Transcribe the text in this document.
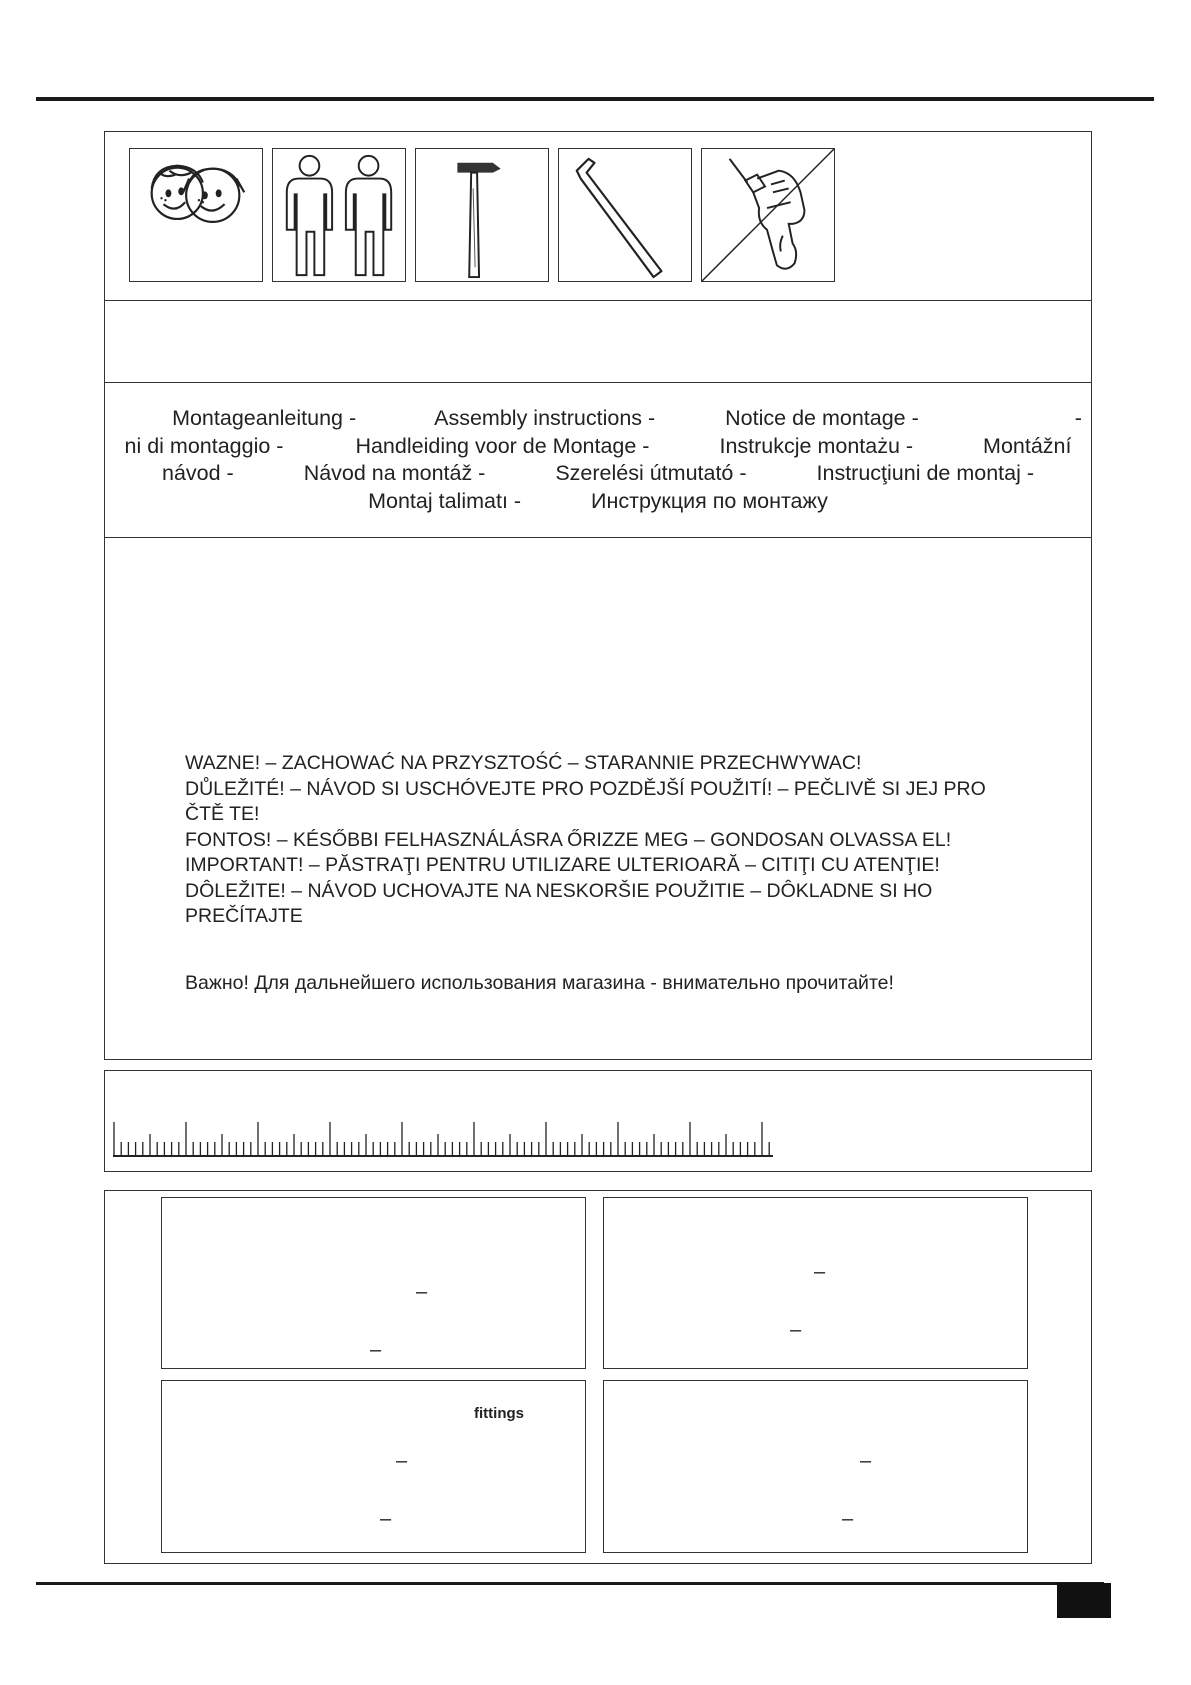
Montageanleitung -	Assembly instructions -	Notice de montage -	-
ni di montaggio -	Handleiding voor de Montage -	Instrukcje montażu -	Montážní
návod -	Návod na montáž -	Szerelési útmutató -	Instrucţiuni de montaj -
Montaj talimatı -	Инструкция по монтажу
WAZNE! – ZACHOWAĆ NA PRZYSZTOŚĆ – STARANNIE PRZECHWYWAC!
DŮLEŽITÉ! – NÁVOD SI USCHÓVEJTE PRO POZDĚJŠÍ POUŽITÍ! – PEČLIVĚ SI JEJ PRO
ČTĚ TE!
FONTOS! – KÉSŐBBI FELHASZNÁLÁSRA ŐRIZZE MEG – GONDOSAN OLVASSA EL!
IMPORTANT! – PĂSTRAŢI PENTRU UTILIZARE ULTERIOARĂ – CITIŢI CU ATENŢIE!
DÔLEŽITE! – NÁVOD UCHOVAJTE NA NESKORŠIE POUŽITIE – DÔKLADNE SI HO
PREČÍTAJTE
Важно! Для дальнейшего использования магазина - внимательно прочитайте!
–
–
–
–
fittings
–
–
–
–
